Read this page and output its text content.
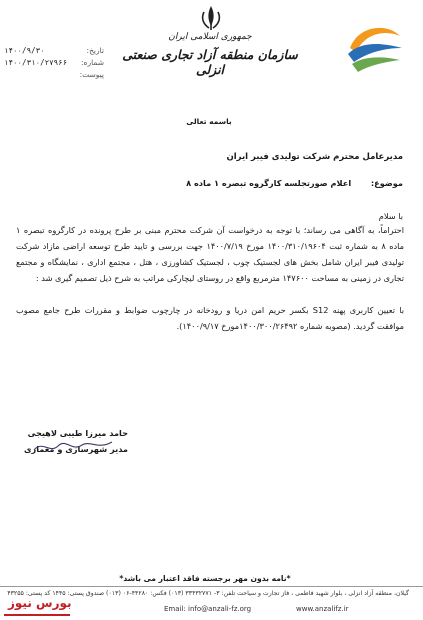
تاریخ:
۱۴۰۰/۹/۳۰
شماره:
۱۴۰۰/۳۱۰/۲۷۹۶۶
پیوست:
جمهوری اسلامی ایران
سازمان منطقه آزاد تجاری صنعتی انزلی
باسمه تعالی
مدیرعامل محترم شرکت تولیدی فیبر ایران
موضوع:  اعلام صورتجلسه کارگروه تبصره ۱ ماده ۸
با سلام
احتراماً، به آگاهی می رساند؛ با توجه به درخواست آن شرکت محترم مبنی بر طرح پرونده در کارگروه تبصره ۱ ماده ۸ به شماره ثبت ۱۴۰۰/۳۱۰/۱۹۶۰۴ مورخ ۱۴۰۰/۷/۱۹ جهت بررسی و تایید طرح توسعه اراضی مازاد شرکت تولیدی فیبر ایران شامل بخش های لجستیک چوب ، لجستیک کشاورزی ، هتل ، مجتمع اداری ، نمایشگاه و مجتمع تجاری در زمینی به مساحت ۱۴۷۶۰۰ مترمربع واقع در روستای لیچارکی مراتب به شرح ذیل تصمیم گیری شد :
با تعیین کاربری پهنه S12 بکسر حریم امن دریا و رودخانه در چارچوب ضوابط و مقررات طرح جامع مصوب موافقت گردید. (مصوبه شماره ۱۴۰۰/۳۰۰/۲۶۴۹۲مورخ ۱۴۰۰/۹/۱۷).
حامد میرزا طیبی لاهیجی
مدیر شهرسازی و معماری
*نامه بدون مهر برجسته فاقد اعتبار می باشد*
گیلان، منطقه آزاد انزلی ، بلوار شهید فاطمی ، فاز تجارت و سیاحت تلفن: ۳- ۳۳۴۳۲۷۷۱ (۰۱۳) فکس: ۴۴۲۸۰-۰۶ (۰۱۳) صندوق پستی: ۱۴۴۵ کد پستی: ۴۳۲۵۵
Email: info@anzali-fz.org	www.anzalifz.ir
بورس نیوز
